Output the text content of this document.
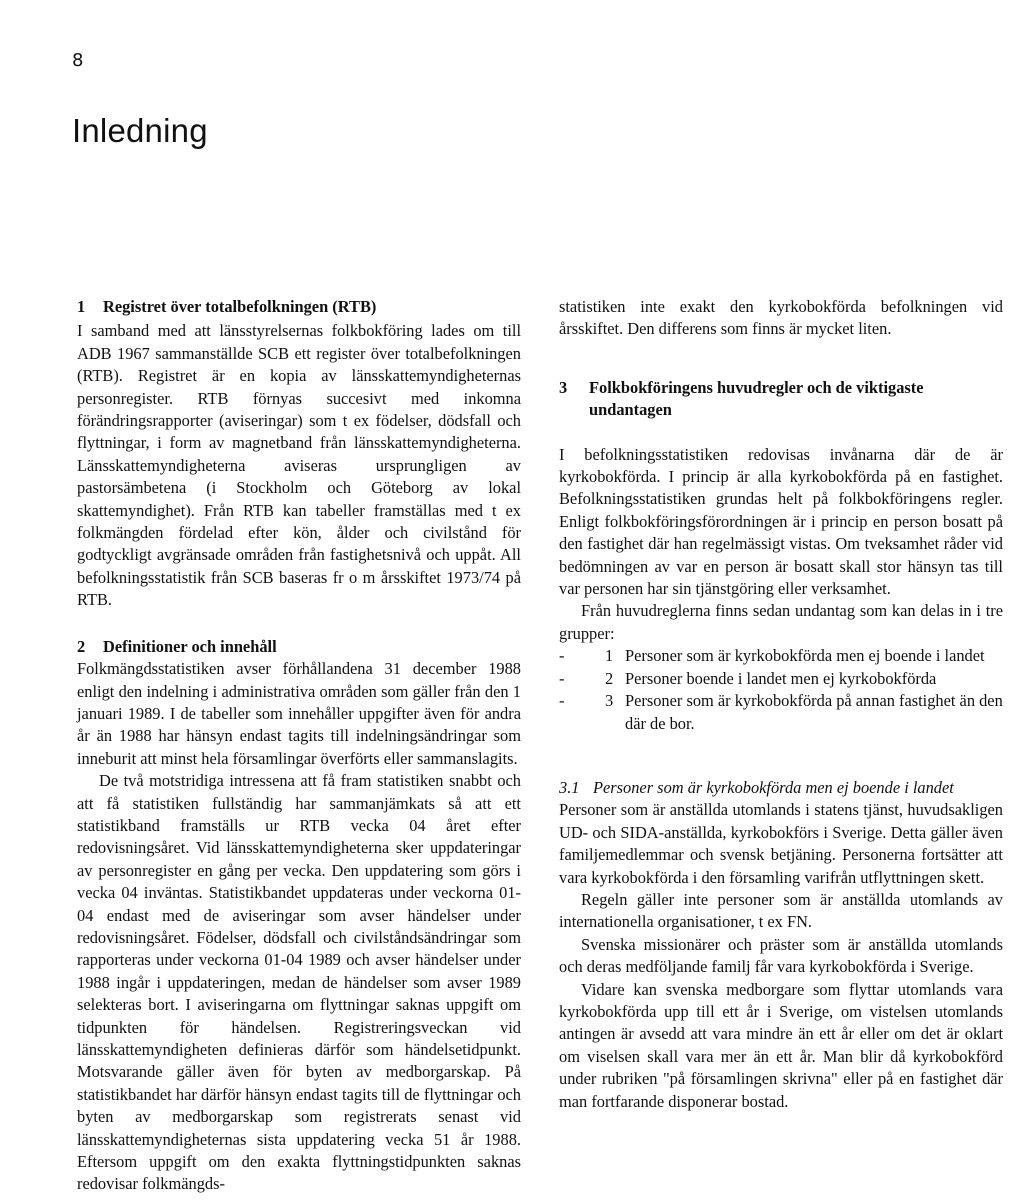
8
Inledning
1 Registret över totalbefolkningen (RTB)

I samband med att länsstyrelsernas folkbokföring lades om till ADB 1967 sammanställde SCB ett register över totalbefolkningen (RTB). Registret är en kopia av länsskattemyndigheternas personregister. RTB förnyas succesivt med inkomna förändringsrapporter (aviseringar) som t ex födelser, dödsfall och flyttningar, i form av magnetband från länsskattemyndigheterna. Länsskattemyndigheterna aviseras ursprungligen av pastorsämbetena (i Stockholm och Göteborg av lokal skattemyndighet). Från RTB kan tabeller framställas med t ex folkmängden fördelad efter kön, ålder och civilstånd för godtyckligt avgränsade områden från fastighetsnivå och uppåt. All befolkningsstatistik från SCB baseras fr o m årsskiftet 1973/74 på RTB.

2 Definitioner och innehåll

Folkmängdsstatistiken avser förhållandena 31 december 1988 enligt den indelning i administrativa områden som gäller från den 1 januari 1989. I de tabeller som innehåller uppgifter även för andra år än 1988 har hänsyn endast tagits till indelningsändringar som inneburit att minst hela församlingar överförts eller sammanslagits.

De två motstridiga intressena att få fram statistiken snabbt och att få statistiken fullständig har sammanjämkats så att ett statistikband framställs ur RTB vecka 04 året efter redovisningsåret. Vid länsskattemyndigheterna sker uppdateringar av personregister en gång per vecka. Den uppdatering som görs i vecka 04 inväntas. Statistikbandet uppdateras under veckorna 01-04 endast med de aviseringar som avser händelser under redovisningsåret. Födelser, dödsfall och civilståndsändringar som rapporteras under veckorna 01-04 1989 och avser händelser under 1988 ingår i uppdateringen, medan de händelser som avser 1989 selekteras bort. I aviseringarna om flyttningar saknas uppgift om tidpunkten för händelsen. Registreringsveckan vid länsskattemyndigheten definieras därför som händelsetidpunkt. Motsvarande gäller även för byten av medborgarskap. På statistikbandet har därför hänsyn endast tagits till de flyttningar och byten av medborgarskap som registrerats senast vid länsskattemyndigheternas sista uppdatering vecka 51 år 1988. Eftersom uppgift om den exakta flyttningstidpunkten saknas redovisar folkmängds-

statistiken inte exakt den kyrkobokförda befolkningen vid årsskiftet. Den differens som finns är mycket liten.

3	Folkbokföringens huvudregler och de viktigaste undantagen

I befolkningsstatistiken redovisas invånarna där de är kyrkobokförda. I princip är alla kyrkobokförda på en fastighet. Befolkningsstatistiken grundas helt på folkbokföringens regler. Enligt folkbokföringsförordningen är i princip en person bosatt på den fastighet där han regelmässigt vistas. Om tveksamhet råder vid bedömningen av var en person är bosatt skall stor hänsyn tas till var personen har sin tjänstgöring eller verksamhet.

Från huvudreglerna finns sedan undantag som kan delas in i tre grupper:

-	1 Personer som är kyrkobokförda men ej boende i landet
-	2 Personer boende i landet men ej kyrkobokförda
-	3 Personer som är kyrkobokförda på annan fastighet än den där de bor.
3.1 Personer som är kyrkobokförda men ej boende i landet

Personer som är anställda utomlands i statens tjänst, huvudsakligen UD- och SIDA-anställda, kyrkobokförs i Sverige. Detta gäller även familjemedlemmar och svensk betjäning. Personerna fortsätter att vara kyrkobokförda i den församling varifrån utflyttningen skett.

Regeln gäller inte personer som är anställda utomlands av internationella organisationer, t ex FN.

Svenska missionärer och präster som är anställda utomlands och deras medföljande familj får vara kyrkobokförda i Sverige.

Vidare kan svenska medborgare som flyttar utomlands vara kyrkobokförda upp till ett år i Sverige, om vistelsen utomlands antingen är avsedd att vara mindre än ett år eller om det är oklart om viselsen skall vara mer än ett år. Man blir då kyrkobokförd under rubriken "på församlingen skrivna" eller på en fastighet där man fortfarande disponerar bostad.
